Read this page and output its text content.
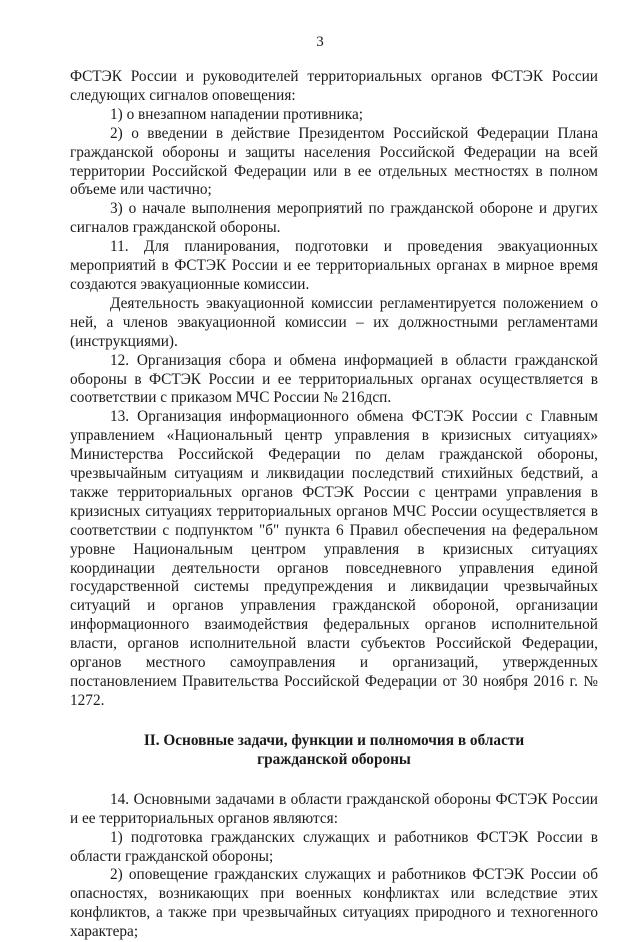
3

ФСТЭК России и руководителей территориальных органов ФСТЭК России следующих сигналов оповещения:

1) о внезапном нападении противника;

2) о введении в действие Президентом Российской Федерации Плана гражданской обороны и защиты населения Российской Федерации на всей территории Российской Федерации или в ее отдельных местностях в полном объеме или частично;

3) о начале выполнения мероприятий по гражданской обороне и других сигналов гражданской обороны.

11. Для планирования, подготовки и проведения эвакуационных мероприятий в ФСТЭК России и ее территориальных органах в мирное время создаются эвакуационные комиссии.

Деятельность эвакуационной комиссии регламентируется положением о ней, а членов эвакуационной комиссии – их должностными регламентами (инструкциями).

12. Организация сбора и обмена информацией в области гражданской обороны в ФСТЭК России и ее территориальных органах осуществляется в соответствии с приказом МЧС России № 216дсп.

13. Организация информационного обмена ФСТЭК России с Главным управлением «Национальный центр управления в кризисных ситуациях» Министерства Российской Федерации по делам гражданской обороны, чрезвычайным ситуациям и ликвидации последствий стихийных бедствий, а также территориальных органов ФСТЭК России с центрами управления в кризисных ситуациях территориальных органов МЧС России осуществляется в соответствии с подпунктом "б" пункта 6 Правил обеспечения на федеральном уровне Национальным центром управления в кризисных ситуациях координации деятельности органов повседневного управления единой государственной системы предупреждения и ликвидации чрезвычайных ситуаций и органов управления гражданской обороной, организации информационного взаимодействия федеральных органов исполнительной власти, органов исполнительной власти субъектов Российской Федерации, органов местного самоуправления и организаций, утвержденных постановлением Правительства Российской Федерации от 30 ноября 2016 г. № 1272.

II. Основные задачи, функции и полномочия в области
гражданской обороны

14. Основными задачами в области гражданской обороны ФСТЭК России и ее территориальных органов являются:

1) подготовка гражданских служащих и работников ФСТЭК России в области гражданской обороны;

2) оповещение гражданских служащих и работников ФСТЭК России об опасностях, возникающих при военных конфликтах или вследствие этих конфликтов, а также при чрезвычайных ситуациях природного и техногенного характера;
